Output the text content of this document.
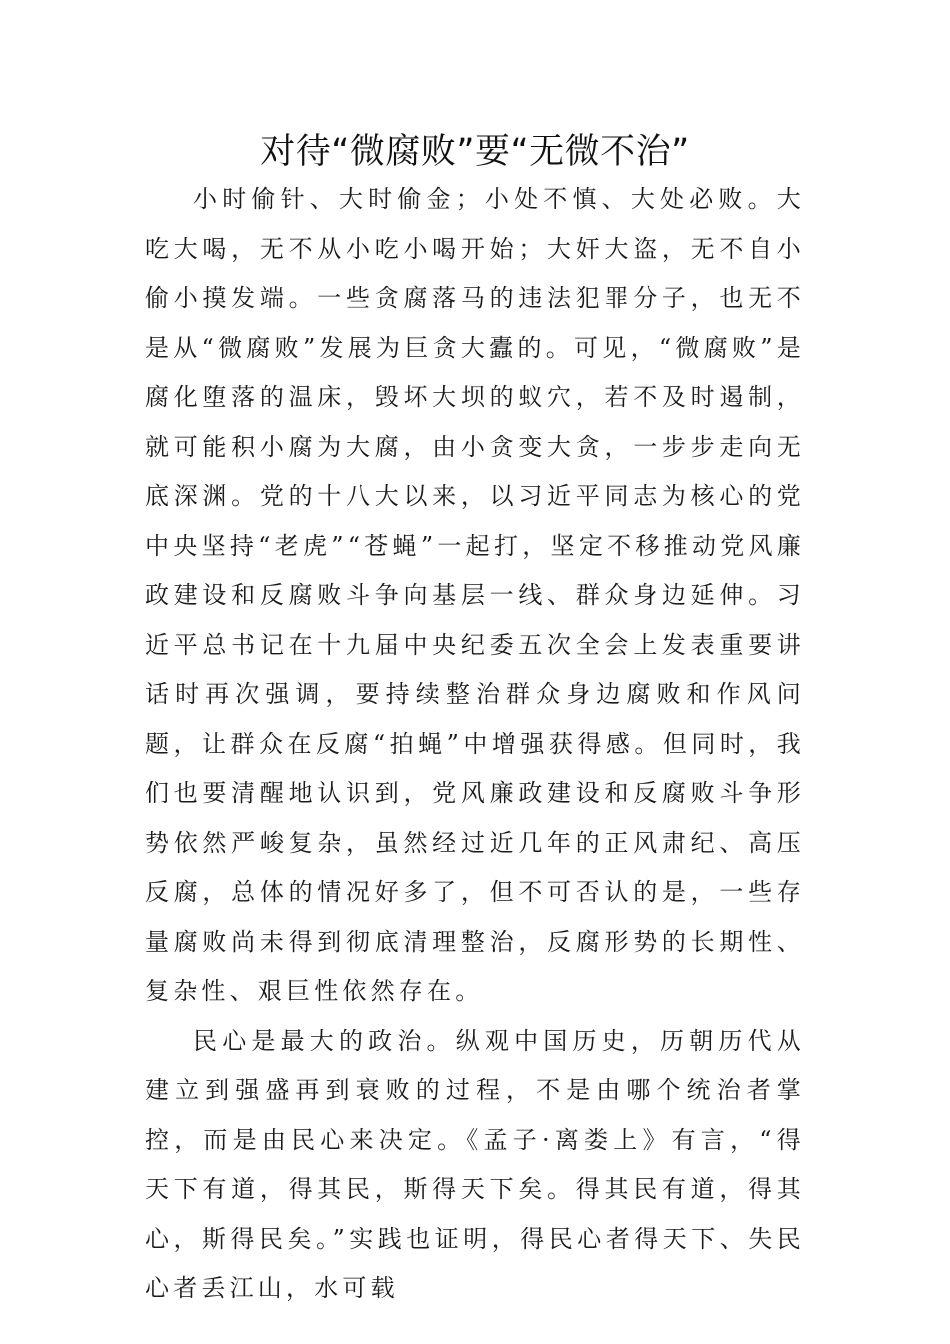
对待“微腐败”要“无微不治”

小时偷针、大时偷金；小处不慎、大处必败。大吃大喝，无不从小吃小喝开始；大奸大盗，无不自小偷小摸发端。一些贪腐落马的违法犯罪分子，也无不是从“微腐败”发展为巨贪大蠹的。可见，“微腐败”是腐化堕落的温床，毁坏大坝的蚁穴，若不及时遏制，就可能积小腐为大腐，由小贪变大贪，一步步走向无底深渊。党的十八大以来，以习近平同志为核心的党中央坚持“老虎”“苍蝇”一起打，坚定不移推动党风廉政建设和反腐败斗争向基层一线、群众身边延伸。习近平总书记在十九届中央纪委五次全会上发表重要讲话时再次强调，要持续整治群众身边腐败和作风问题，让群众在反腐“拍蝇”中增强获得感。但同时，我们也要清醒地认识到，党风廉政建设和反腐败斗争形势依然严峻复杂，虽然经过近几年的正风肃纪、高压反腐，总体的情况好多了，但不可否认的是，一些存量腐败尚未得到彻底清理整治，反腐形势的长期性、复杂性、艰巨性依然存在。

民心是最大的政治。纵观中国历史，历朝历代从建立到强盛再到衰败的过程，不是由哪个统治者掌控，而是由民心来决定。《孟子·离娄上》有言，“得天下有道，得其民，斯得天下矣。得其民有道，得其心，斯得民矣。”实践也证明，得民心者得天下、失民心者丢江山，水可载
